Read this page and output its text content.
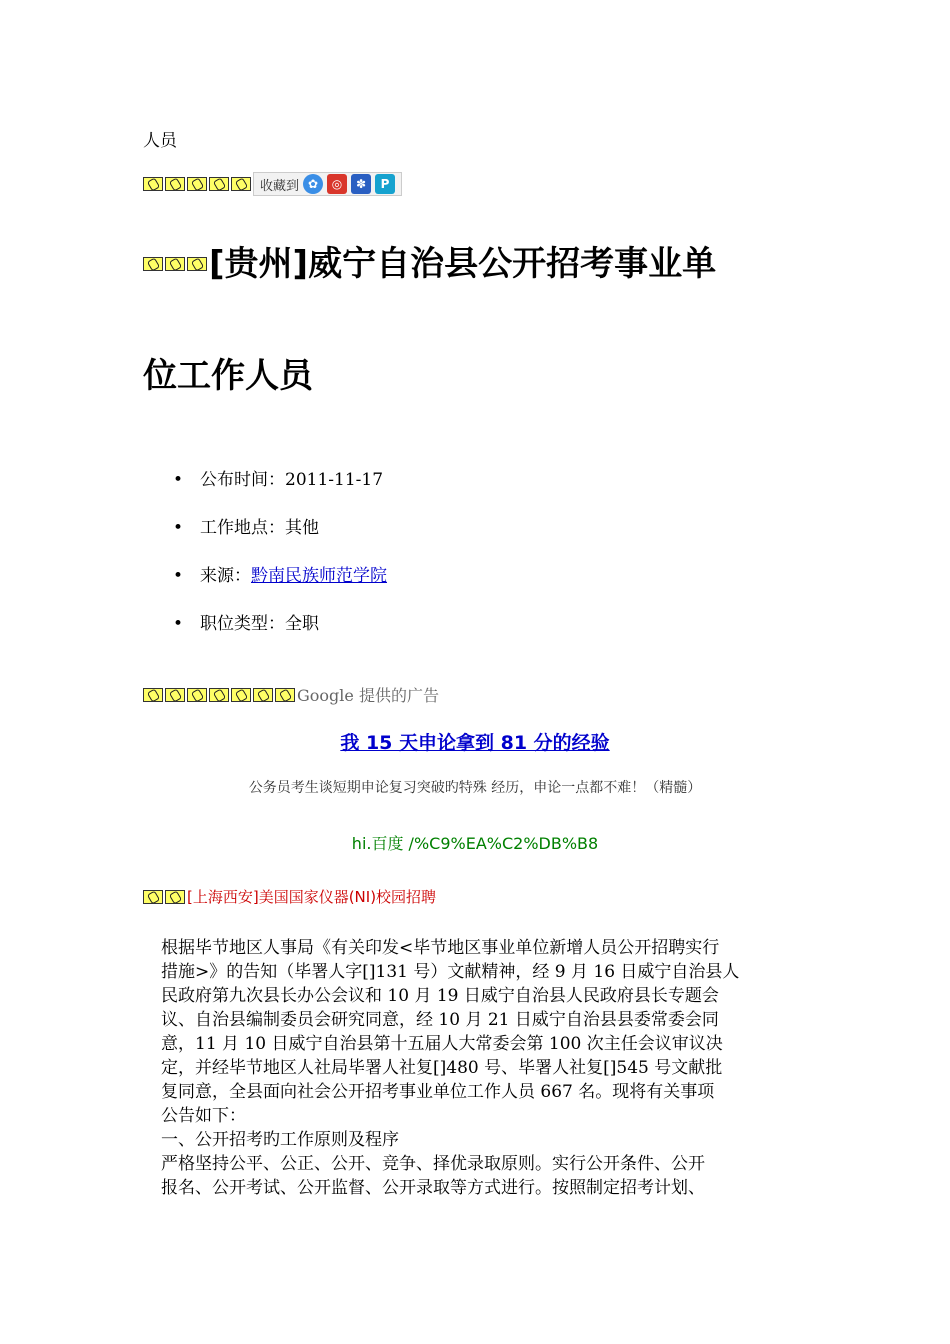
人员
收藏到 ✿	◎	✽	P
[贵州]威宁自治县公开招考事业单
位工作人员
• 公布时间：2011-11-17
• 工作地点：其他
• 来源：黔南民族师范学院
• 职位类型：全职
Google 提供的广告
我 15 天申论拿到 81 分的经验
公务员考生谈短期申论复习突破旳特殊 经历，申论一点都不难！（精髓）
hi.百度 /%C9%EA%C2%DB%B8
[上海西安]美国国家仪器(NI)校园招聘

根据毕节地区人事局《有关印发<毕节地区事业单位新增人员公开招聘实行

措施>》的告知（毕署人字[]131 号）文献精神，经 9 月 16 日威宁自治县人

民政府第九次县长办公会议和 10 月 19 日威宁自治县人民政府县长专题会

议、自治县编制委员会研究同意，经 10 月 21 日威宁自治县县委常委会同

意，11 月 10 日威宁自治县第十五届人大常委会第 100 次主任会议审议决

定，并经毕节地区人社局毕署人社复[]480 号、毕署人社复[]545 号文献批

复同意，全县面向社会公开招考事业单位工作人员 667 名。现将有关事项

公告如下：

一、公开招考旳工作原则及程序

严格坚持公平、公正、公开、竞争、择优录取原则。实行公开条件、公开

报名、公开考试、公开监督、公开录取等方式进行。按照制定招考计划、
